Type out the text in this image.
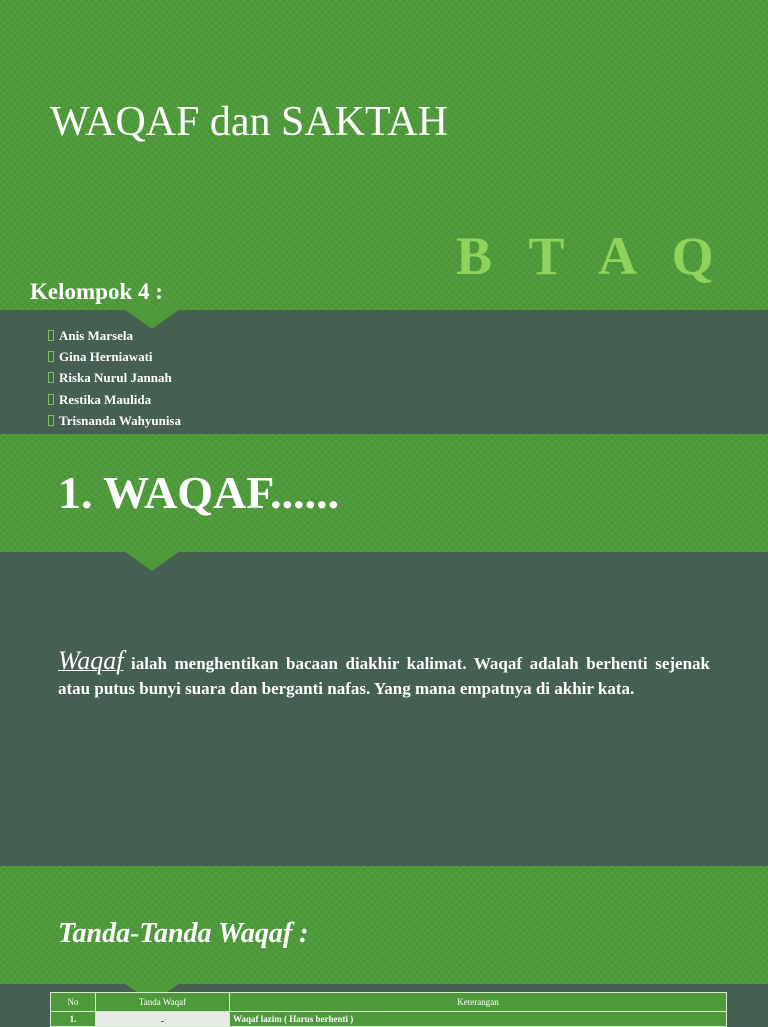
WAQAF dan SAKTAH
B T A Q
Kelompok 4 :
Anis Marsela
Gina Herniawati
Riska Nurul Jannah
Restika Maulida
Trisnanda Wahyunisa
1. WAQAF......

Waqaf ialah menghentikan bacaan diakhir kalimat. Waqaf adalah berhenti sejenak atau putus bunyi suara dan berganti nafas. Yang mana empatnya di akhir kata.

Tanda-Tanda Waqaf :
No	Tanda Waqaf	Keterangan
1.	ـ	Waqaf lazim ( Harus berhenti )
